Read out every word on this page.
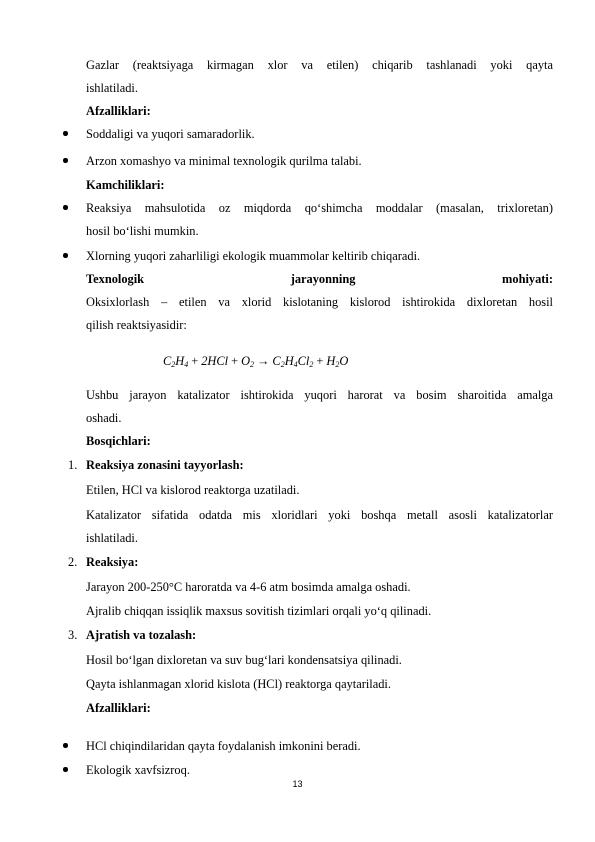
Gazlar (reaktsiyaga kirmagan xlor va etilen) chiqarib tashlanadi yoki qayta
ishlatiladi.
Afzalliklari:
Soddaligi va yuqori samaradorlik.
Arzon xomashyo va minimal texnologik qurilma talabi.
Kamchiliklari:
Reaksiya mahsulotida oz miqdorda qo‘shimcha moddalar (masalan, trixloretan)
hosil bo‘lishi mumkin.
Xlorning yuqori zaharliligi ekologik muammolar keltirib chiqaradi.
Texnologik jarayonning mohiyati:
Oksixlorlash – etilen va xlorid kislotaning kislorod ishtirokida dixloretan hosil
qilish reaktsiyasidir:
$C_2H_4 + 2HCl + O_2 \to C_2H_4Cl_2 + H_2O$
Ushbu jarayon katalizator ishtirokida yuqori harorat va bosim sharoitida amalga
oshadi.
Bosqichlari:
1. Reaksiya zonasini tayyorlash:
Etilen, HCl va kislorod reaktorga uzatiladi.
Katalizator sifatida odatda mis xloridlari yoki boshqa metall asosli katalizatorlar
ishlatiladi.
2. Reaksiya:
Jarayon 200-250°C haroratda va 4-6 atm bosimda amalga oshadi.
Ajralib chiqqan issiqlik maxsus sovitish tizimlari orqali yo‘q qilinadi.
3. Ajratish va tozalash:
Hosil bo‘lgan dixloretan va suv bug‘lari kondensatsiya qilinadi.
Qayta ishlanmagan xlorid kislota (HCl) reaktorga qaytariladi.
Afzalliklari:
HCl chiqindilaridan qayta foydalanish imkonini beradi.
Ekologik xavfsizroq.
13
